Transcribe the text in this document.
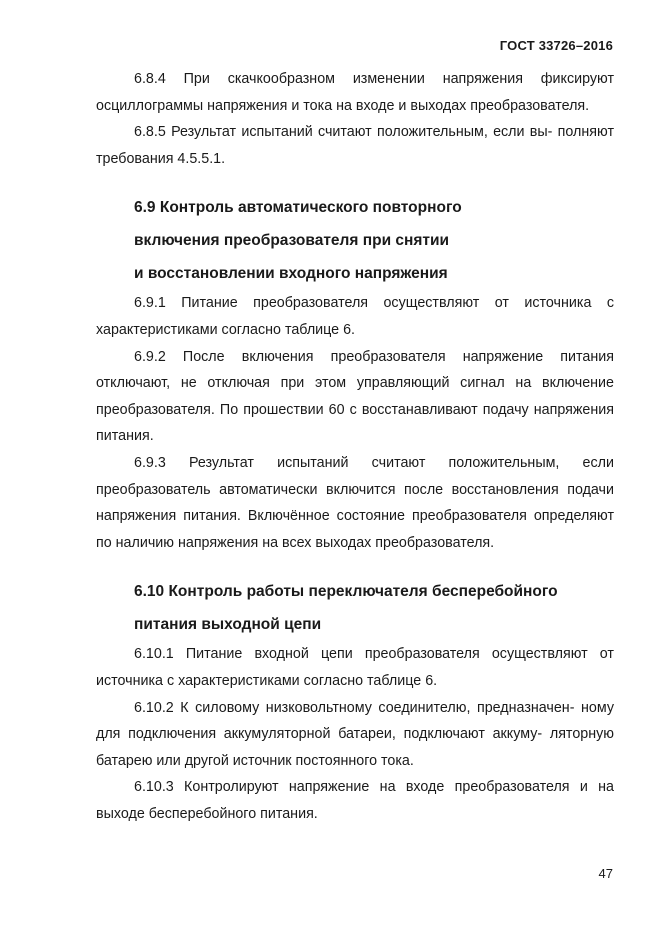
ГОСТ 33726–2016

6.8.4 При скачкообразном изменении напряжения фиксируют осциллограммы напряжения и тока на входе и выходах преобразователя.

6.8.5 Результат испытаний считают положительным, если вы- полняют требования 4.5.5.1.

6.9 Контроль автоматического повторного
включения преобразователя при снятии
и восстановлении входного напряжения

6.9.1 Питание преобразователя осуществляют от источника с характеристиками согласно таблице 6.

6.9.2 После включения преобразователя напряжение питания отключают, не отключая при этом управляющий сигнал на включение преобразователя. По прошествии 60 с восстанавливают подачу напряжения питания.

6.9.3 Результат испытаний считают положительным, если преобразователь автоматически включится после восстановления подачи напряжения питания. Включённое состояние преобразователя определяют по наличию напряжения на всех выходах преобразователя.

6.10 Контроль работы переключателя бесперебойного
питания выходной цепи

6.10.1 Питание входной цепи преобразователя осуществляют от источника с характеристиками согласно таблице 6.

6.10.2 К силовому низковольтному соединителю, предназначен- ному для подключения аккумуляторной батареи, подключают аккуму- ляторную батарею или другой источник постоянного тока.

6.10.3 Контролируют напряжение на входе преобразователя и на выходе бесперебойного питания.

47
